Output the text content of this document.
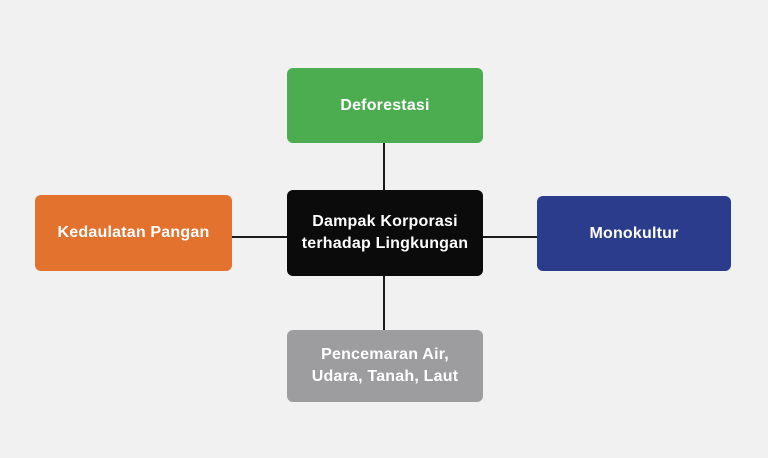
Deforestasi
Kedaulatan Pangan
Dampak Korporasi
terhadap Lingkungan
Monokultur
Pencemaran Air,
Udara, Tanah, Laut
